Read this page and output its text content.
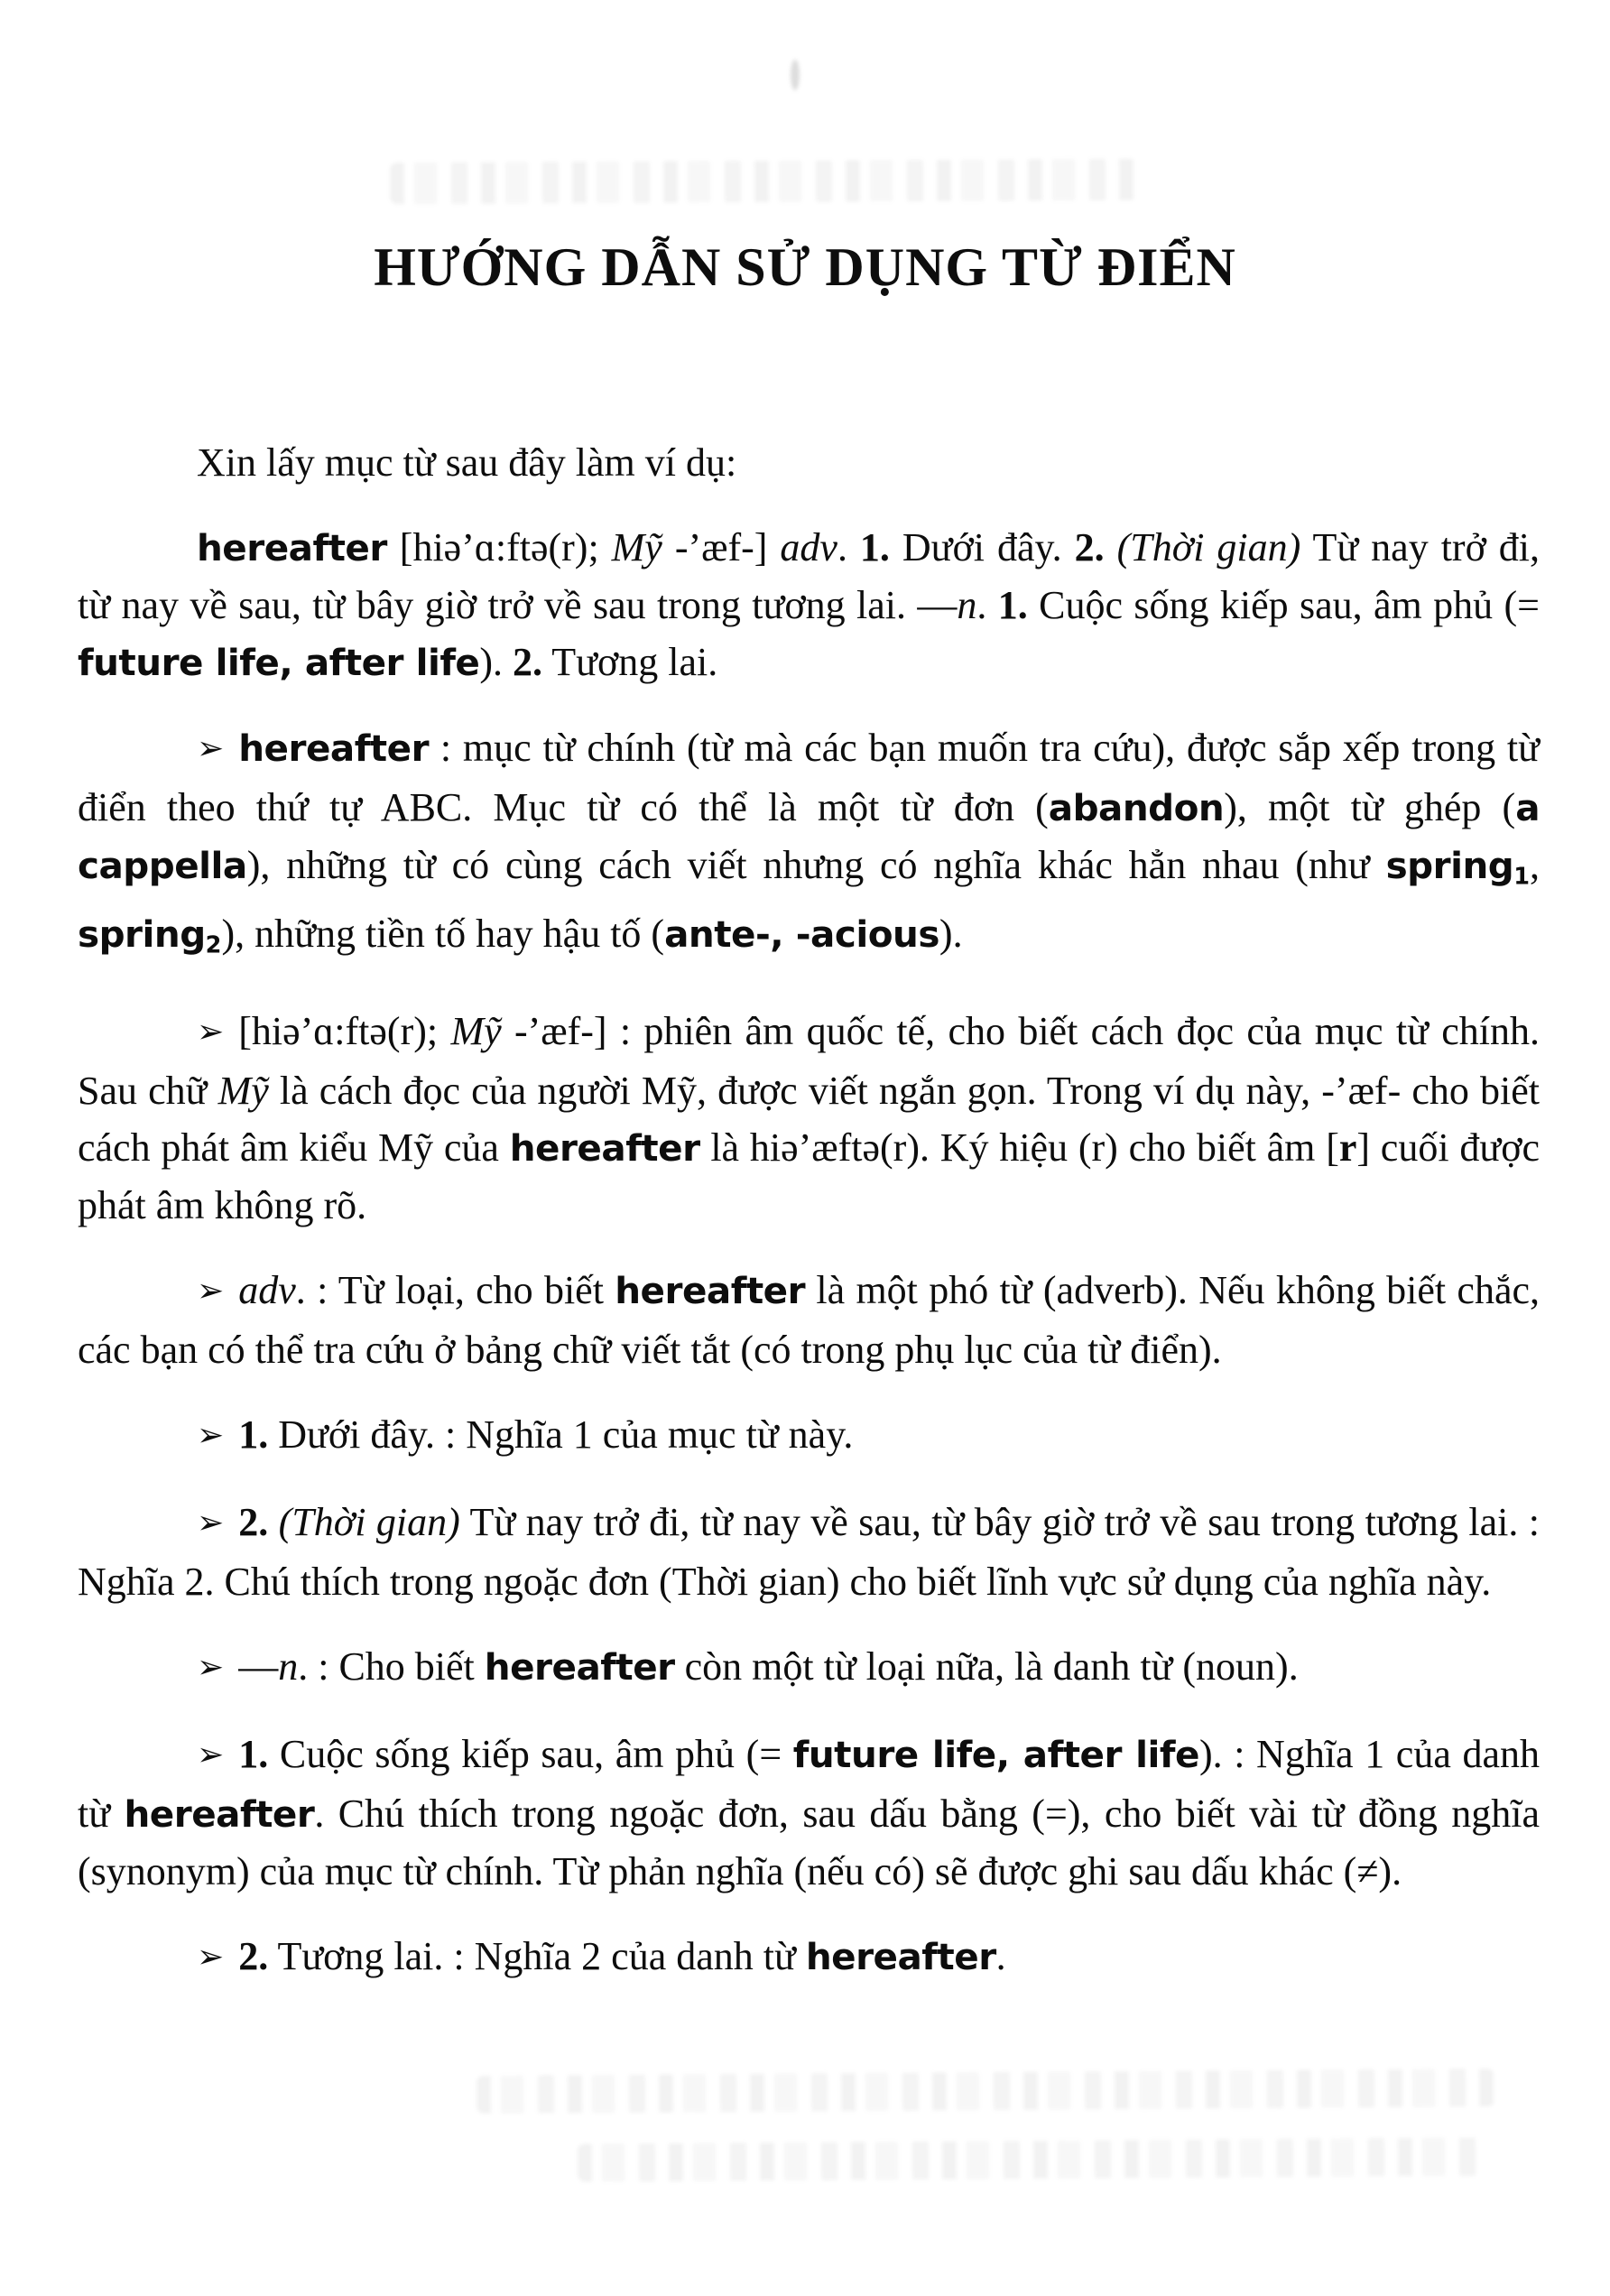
HƯỚNG DẪN SỬ DỤNG TỪ ĐIỂN

Xin lấy mục từ sau đây làm ví dụ:

hereafter [hiə’ɑ:ftə(r); Mỹ -’æf-] adv. 1. Dưới đây. 2. (Thời gian) Từ nay trở đi, từ nay về sau, từ bây giờ trở về sau trong tương lai. —n. 1. Cuộc sống kiếp sau, âm phủ (= future life, after life). 2. Tương lai.

➢ hereafter : mục từ chính (từ mà các bạn muốn tra cứu), được sắp xếp trong từ điển theo thứ tự ABC. Mục từ có thể là một từ đơn (abandon), một từ ghép (a cappella), những từ có cùng cách viết nhưng có nghĩa khác hẳn nhau (như spring$_1$, spring$_2$), những tiền tố hay hậu tố (ante-, -acious).

➢ [hiə’ɑ:ftə(r); Mỹ -’æf-] : phiên âm quốc tế, cho biết cách đọc của mục từ chính. Sau chữ Mỹ là cách đọc của người Mỹ, được viết ngắn gọn. Trong ví dụ này, -’æf- cho biết cách phát âm kiểu Mỹ của hereafter là hiə’æftə(r). Ký hiệu (r) cho biết âm [r] cuối được phát âm không rõ.

➢ adv. : Từ loại, cho biết hereafter là một phó từ (adverb). Nếu không biết chắc, các bạn có thể tra cứu ở bảng chữ viết tắt (có trong phụ lục của từ điển).

➢ 1. Dưới đây. : Nghĩa 1 của mục từ này.

➢ 2. (Thời gian) Từ nay trở đi, từ nay về sau, từ bây giờ trở về sau trong tương lai. : Nghĩa 2. Chú thích trong ngoặc đơn (Thời gian) cho biết lĩnh vực sử dụng của nghĩa này.

➢ —n. : Cho biết hereafter còn một từ loại nữa, là danh từ (noun).

➢ 1. Cuộc sống kiếp sau, âm phủ (= future life, after life). : Nghĩa 1 của danh từ hereafter. Chú thích trong ngoặc đơn, sau dấu bằng (=), cho biết vài từ đồng nghĩa (synonym) của mục từ chính. Từ phản nghĩa (nếu có) sẽ được ghi sau dấu khác (≠).

➢ 2. Tương lai. : Nghĩa 2 của danh từ hereafter.
